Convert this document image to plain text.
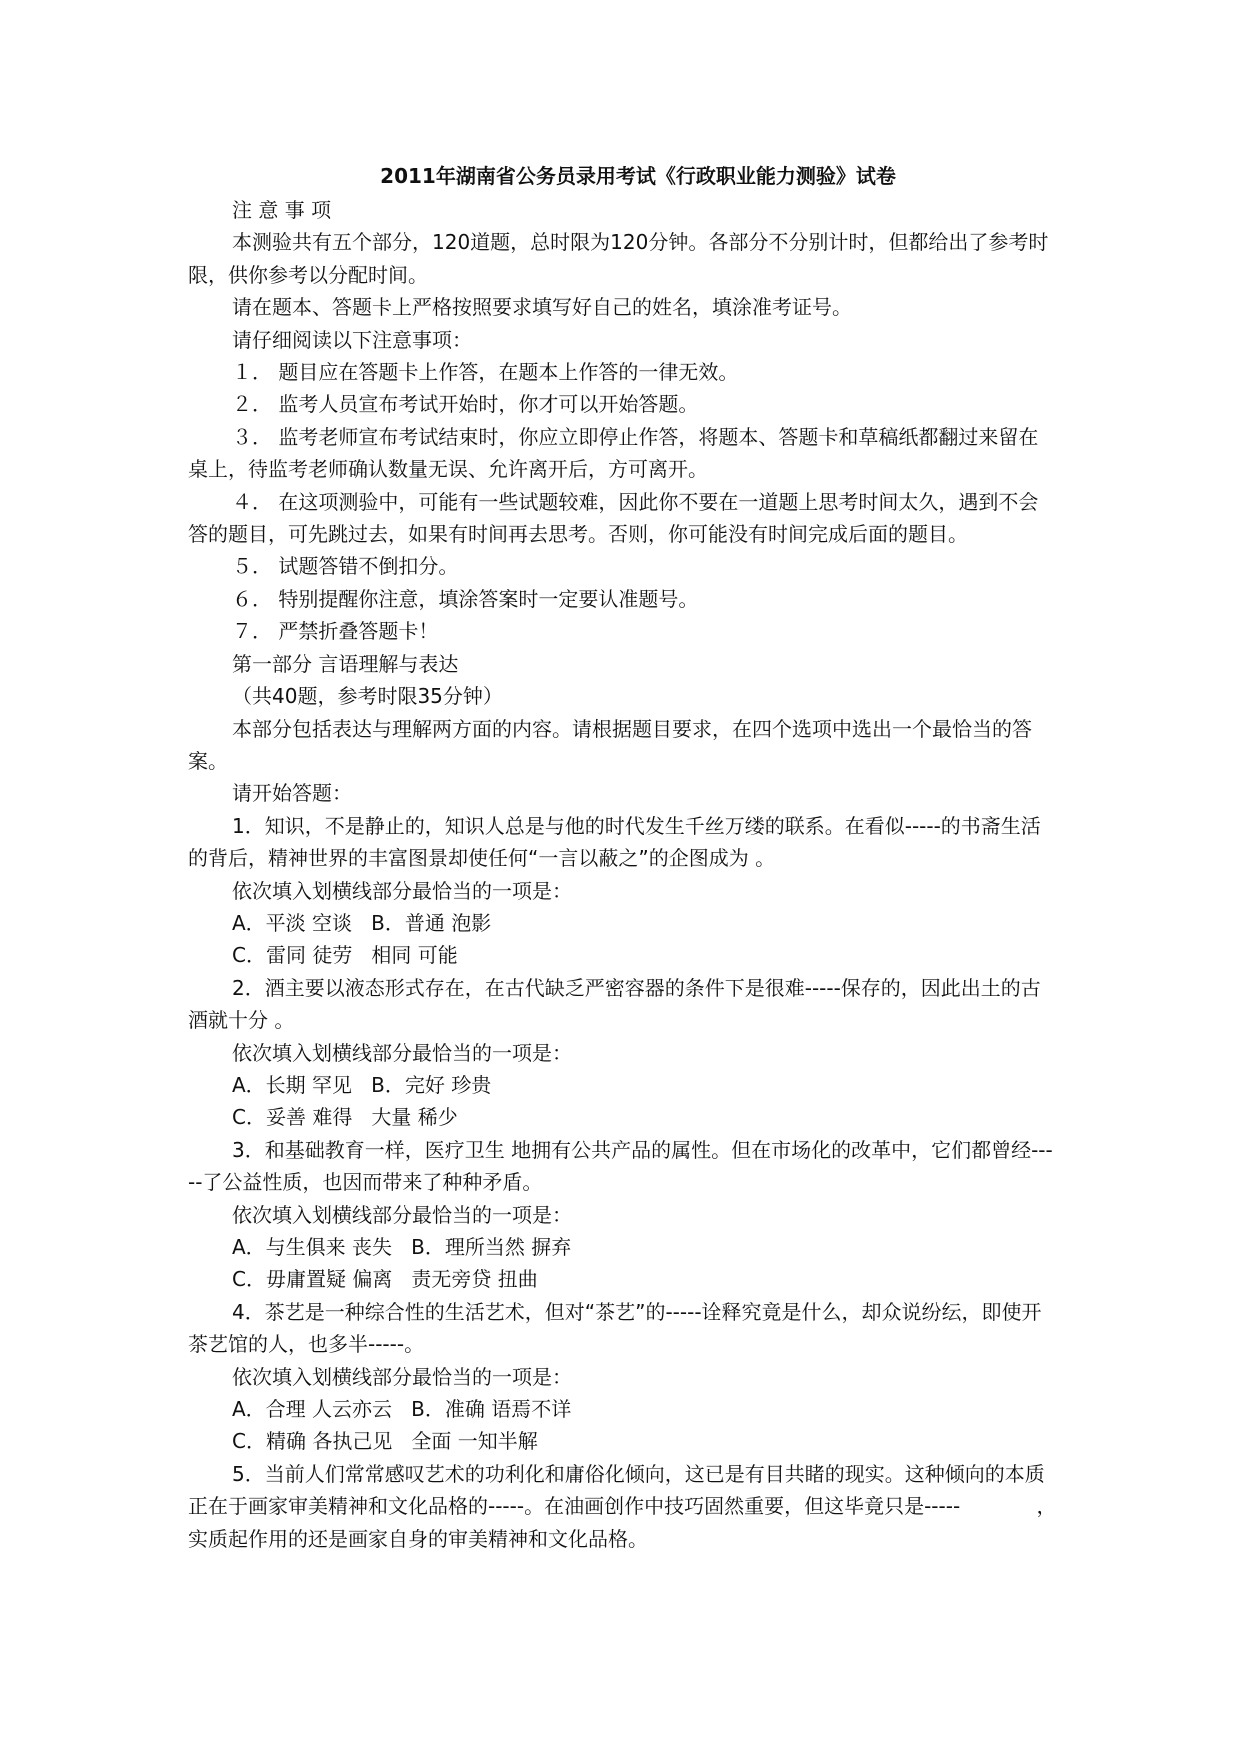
2011年湖南省公务员录用考试《行政职业能力测验》试卷

注 意 事 项

本测验共有五个部分，120道题，总时限为120分钟。各部分不分别计时，但都给出了参考时限，供你参考以分配时间。

请在题本、答题卡上严格按照要求填写好自己的姓名，填涂准考证号。

请仔细阅读以下注意事项：

１． 题目应在答题卡上作答，在题本上作答的一律无效。

２． 监考人员宣布考试开始时，你才可以开始答题。

３． 监考老师宣布考试结束时，你应立即停止作答，将题本、答题卡和草稿纸都翻过来留在桌上，待监考老师确认数量无误、允许离开后，方可离开。

４． 在这项测验中，可能有一些试题较难，因此你不要在一道题上思考时间太久，遇到不会答的题目，可先跳过去，如果有时间再去思考。否则，你可能没有时间完成后面的题目。

５． 试题答错不倒扣分。

６． 特别提醒你注意，填涂答案时一定要认准题号。

７． 严禁折叠答题卡！

第一部分 言语理解与表达

（共40题，参考时限35分钟）

本部分包括表达与理解两方面的内容。请根据题目要求，在四个选项中选出一个最恰当的答案。

请开始答题：

1．知识，不是静止的，知识人总是与他的时代发生千丝万缕的联系。在看似-----的书斋生活的背后，精神世界的丰富图景却使任何“一言以蔽之”的企图成为 。

依次填入划横线部分最恰当的一项是：

A．平淡 空谈   B．普通 泡影

C．雷同 徒劳   相同 可能

2．酒主要以液态形式存在，在古代缺乏严密容器的条件下是很难-----保存的，因此出土的古酒就十分 。

依次填入划横线部分最恰当的一项是：

A．长期 罕见   B．完好 珍贵

C．妥善 难得   大量 稀少

3．和基础教育一样，医疗卫生 地拥有公共产品的属性。但在市场化的改革中，它们都曾经-----了公益性质，也因而带来了种种矛盾。

依次填入划横线部分最恰当的一项是：

A．与生俱来 丧失   B．理所当然 摒弃

C．毋庸置疑 偏离   责无旁贷 扭曲

4．茶艺是一种综合性的生活艺术，但对“茶艺”的-----诠释究竟是什么，却众说纷纭，即使开茶艺馆的人，也多半-----。

依次填入划横线部分最恰当的一项是：

A．合理 人云亦云   B．准确 语焉不详

C．精确 各执己见   全面 一知半解

5．当前人们常常感叹艺术的功利化和庸俗化倾向，这已是有目共睹的现实。这种倾向的本质正在于画家审美精神和文化品格的-----。在油画创作中技巧固然重要，但这毕竟只是-----            ，实质起作用的还是画家自身的审美精神和文化品格。
